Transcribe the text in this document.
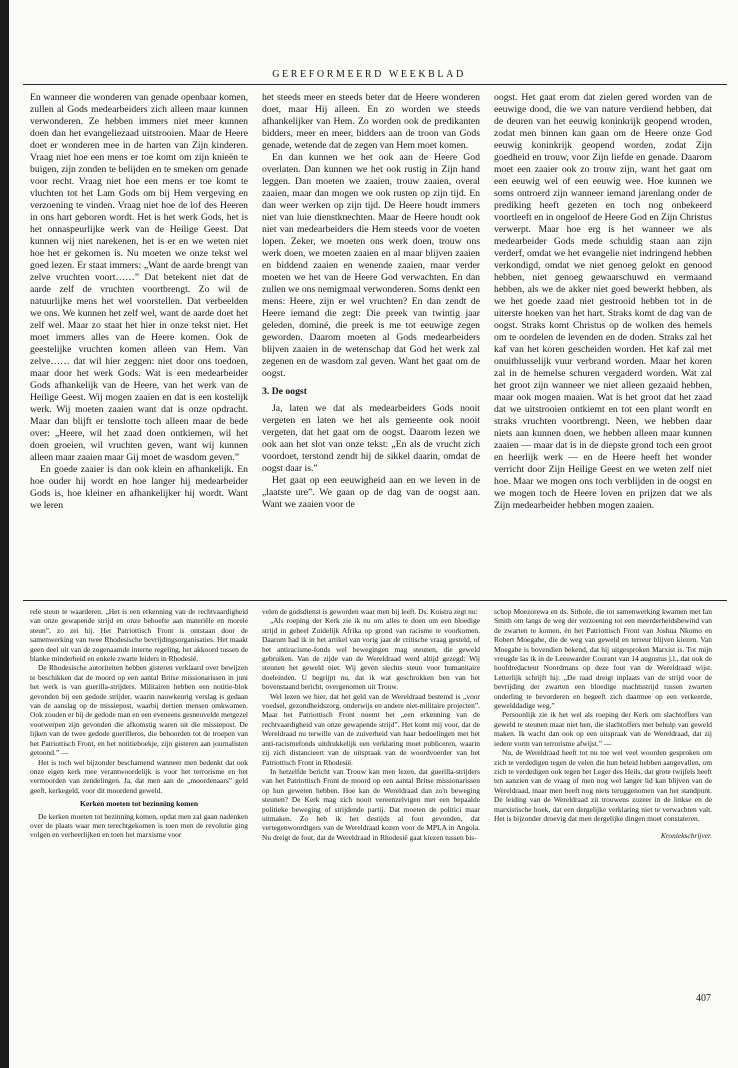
GEREFORMEERD WEEKBLAD

En wanneer die wonderen van genade openbaar komen, zullen al Gods medearbeiders zich alleen maar kunnen verwonderen. Ze hebben immers niet meer kunnen doen dan het evangeliezaad uitstrooien. Maar de Heere doet er wonderen mee in de harten van Zijn kinderen. Vraag niet hoe een mens er toe komt om zijn knieën te buigen, zijn zonden te belijden en te smeken om genade voor recht. Vraag niet hoe een mens er toe komt te vluchten tot het Lam Gods om bij Hem vergeving en verzoening te vinden. Vraag niet hoe de lof des Heeren in ons hart geboren wordt. Het is het werk Gods, het is het onnaspeurlijke werk van de Heilige Geest. Dat kunnen wij niet narekenen, het is er en we weten niet hoe het er gekomen is. Nu moeten we onze tekst wel goed lezen. Er staat immers: „Want de aarde brengt van zelve vruchten voort……” Dat betekent niet dat de aarde zelf de vruchten voortbrengt. Zo wil de natuurlijke mens het wel voorstellen. Dat verbeelden we ons. We kunnen het zelf wel, want de aarde doet het zelf wel. Maar zo staat het hier in onze tekst niet. Het moet immers alles van de Heere komen. Ook de geestelijke vruchten komen alleen van Hem. Van zelve…… dat wil hier zeggen: niet door ons toedoen, maar door het werk Gods. Wat is een medearbeider Gods afhankelijk van de Heere, van het werk van de Heilige Geest. Wij mogen zaaien en dat is een kostelijk werk. Wij moeten zaaien want dat is onze opdracht. Maar dan blijft er tenslotte toch alleen maar de bede over: „Heere, wil het zaad doen ontkiemen, wil het doen groeien, wil vruchten geven, want wij kunnen alleen maar zaaien maar Gij moet de wasdom geven.”

En goede zaaier is dan ook klein en afhankelijk. En hoe ouder hij wordt en hoe langer hij medearbeider Gods is, hoe kleiner en afhankelijker hij wordt. Want we leren

het steeds meer en steeds beter dat de Heere wonderen doet, maar Hij alleen. En zo worden we steeds afhankelijker van Hem. Zo worden ook de predikanten bidders, meer en meer, bidders aan de troon van Gods genade, wetende dat de zegen van Hem moet komen.

En dan kunnen we het ook aan de Heere God overlaten. Dan kunnen we het ook rustig in Zijn hand leggen. Dan moeten we zaaien, trouw zaaien, overal zaaien, maar dan mogen we ook rusten op zijn tijd. En dan weer werken op zijn tijd. De Heere houdt immers niet van luie dienstknechten. Maar de Heere houdt ook niet van medearbeiders die Hem steeds voor de voeten lopen. Zeker, we moeten ons werk doen, trouw ons werk doen, we moeten zaaien en al maar blijven zaaien en biddend zaaien en wenende zaaien, maar verder moeten we het van de Heere God verwachten. En dan zullen we ons nemigmaal verwonderen. Soms denkt een mens: Heere, zijn er wel vruchten? En dan zendt de Heere iemand die zegt: Die preek van twintig jaar geleden, dominé, die preek is me tot eeuwige zegen geworden. Daarom moeten al Gods medearbeiders blijven zaaien in de wetenschap dat God het werk zal zegenen en de wasdom zal geven. Want het gaat om de oogst.

3. De oogst

Ja, laten we dat als medearbeiders Gods nooit vergeten en laten we het als gemeente ook nooit vergeten, dat het gaat om de oogst. Daarom lezen we ook aan het slot van onze tekst: „En als de vrucht zich voordoet, terstond zendt hij de sikkel daarin, omdat de oogst daar is.”

Het gaat op een eeuwigheid aan en we leven in de „laatste ure”. We gaan op de dag van de oogst aan. Want we zaaien voor de

oogst. Het gaat erom dat zielen gered worden van de eeuwige dood, die we van nature verdiend hebben, dat de deuren van het eeuwig koninkrijk geopend wroden, zodat men binnen kan gaan om de Heere onze God eeuwig koninkrijk geopend worden, zodat Zijn goedheid en trouw, voor Zijn liefde en genade. Daarom moet een zaaier ook zo trouw zijn, want het gaat om een eeuwig wel of een eeuwig wee. Hoe kunnen we soms ontroerd zijn wanneer iemand jarenlang onder de prediking heeft gezeten en toch nog onbekeerd voortleeft en in ongeloof de Heere God en Zijn Christus verwerpt. Maar hoe erg is het wanneer we als medearbeider Gods mede schuldig staan aan zijn verderf, omdat we het evangelie niet indringend hebben verkondigd, omdat we niet genoeg gelokt en genood hebben, niet genoeg gewaarschuwd en vermaand hebben, als we de akker niet goed bewerkt hebben, als we het goede zaad niet gestrooid hebben tot in de uiterste hoeken van het hart. Straks komt de dag van de oogst. Straks komt Christus op de wolken des hemels om te oordelen de levenden en de doden. Straks zal het kaf van het koren gescheiden worden. Het kaf zal met onuitblusselijk vuur verbrand worden. Maar het koren zal in de hemelse schuren vergaderd worden. Wat zal het groot zijn wanneer we niet alleen gezaaid hebben, maar ook mogen maaien. Wat is het groot dat het zaad dat we uitstrooien ontkiemt en tot een plant wordt en straks vruchten voortbrengt. Neen, we hebben daar niets aan kunnen doen, we hebben alleen maar kunnen zaaien — maar dat is in de diepste grond toch een groot en heerlijk werk — en de Heere heeft het wonder verricht door Zijn Heilige Geest en we weten zelf niet hoe. Maar we mogen ons toch verblijden in de oogst en we mogen toch de Heere loven en prijzen dat we als Zijn medearbeider hebben mogen zaaien.

rele steun te waarderen. „Het is een erkenning van de rechtvaardigheid van onze gewapende strijd en onze behoefte aan materiële en morele steun”, zo zei hij. Het Patriottisch Front is ontstaan door de samenwerking van twee Rhodesische bevrijdingsorganisaties. Het maakt geen deel uit van de zogenaamde interne regeling, het akkoord tussen de blanke minderheid en enkele zwarte leiders in Rhodesië.

De Rhodesische autoriteiten hebben gisteren verklaard over bewijzen te beschikken dat de moord op een aantal Britse missionarissen in juni het werk is van guerilla-strijders. Militairen hebben een notitie-blok gevonden bij een gedode strijder, waarin nauwkeurig verslag is gedaan van de aanslag op de missiepost, waarbij dertien mensen omkwamen. Ook zouden er bij de gedode man en een eveneens gesneuvelde metgezel voorwerpen zijn gevonden die afkomstig waren uit die missiepost. De lijken van de twee gedode guerilleros, die behoorden tot de troepen van het Patriottisch Front, en het notitieboekje, zijn gisteren aan journalisten getoond.” —

Het is toch wel bijzonder beschamend wanneer men bedenkt dat ook onze eigen kerk mee verantwoordelijk is voor het terrorisme en het vermoorden van zendelingen. Ja, dat men aan de „moordenaars” geld geeft, kerkegeld, voor dit moordend geweld.

Kerken moeten tot bezinning komen

De kerken moeten tot bezinning komen, opdat men zal gaan nadenken over de plaats waar men terechtgekomen is toen men de revolutie ging volgen en verheerlijken en toen het marxisme voor

velen de godsdienst is geworden waar men bij leeft. Ds. Koistra zegt nu:

„Als roeping der Kerk zie ik nu om alles te doen om een bloedige strijd in geheel Zuidelijk Afrika op grond van racisme te voorkomen. Daarom had ik in het artikel van vorig jaar de critische vraag gesteld, of het antiracisme-fonds wel bewegingen mag steunen, die geweld gebruiken. Van de zijde van de Wereldraad werd altijd gezegd: Wij steunen het geweld niet. Wij geven slechts steun voor humanitaire doeleinden. U begrijpt nu, dat ik wat geschrokken ben van het bovenstaand bericht, overgenomen uit Trouw.

Wel lezen we hier, dat het geld van de Wereldraad bestemd is „voor voedsel, gezondheidszorg, onderwijs en andere niet-militaire projecten”. Maar het Patriottisch Front noemt het „een erkenning van de rechtvaardigheid van onze gewapende strijd”. Het komt mij voor, dat de Wereldraad nu terwille van de zuiverheid van haar bedoelingen met het anti-racismefonds uitdrukkelijk een verklaring moet publiceren, waarin zij zich distancieert van de uitspraak van de woordvoerder van het Patriottisch Front in Rhodesië.

In hetzelfde bericht van Trouw kan men lezen, dat guerilla-strijders van het Patriottisch Front de moord op een aantal Britse missionarissen op hun geweten hebben. Hoe kan de Wereldraad dan zo'n beweging steunen? De Kerk mag zich nooit vereenzelvigen met een bepaalde politieke beweging of strijdende partij. Dat moeten de politici maar uitmaken. Zo heb ik het destijds al fout gevonden, dat vertegenwoordigers van de Wereldraad kozen voor de MPLA in Angola. Nu dreigt de fout, dat de Wereldraad in Rhodesië gaat kiezen tussen bis-

schop Moezorewa en ds. Sithole, die tot samenwerking kwamen met Ian Smith om langs de weg der verzoening tot een meerderheidsbewind van de zwarten te komen, én het Patriottisch Front van Joshua Nkomo en Robert Moegabe, die de weg van geweld en terreur blijven kiezen. Van Moegabe is bovendien bekend, dat hij uitgesproken Marxist is. Tot mijn vreugde las ik in de Leeuwarder Courant van 14 augustus j.l., dat ook de hoofdredacteur Noordmans op deze fout van de Wereldraad wijst. Letterlijk schrijft hij: „De raad dreigt inplaats van de strijd voor de bevrijding der zwarten een bloedige machtsstrijd tussen zwarten onderling te bevorderen en begeeft zich daarmee op een verkeerde, gewelddadige weg.”

Persoonlijk zie ik het wel als roeping der Kerk om slachtoffers van geweld te steunen maar niet hen, die slachtoffers met behulp van geweld maken. Ik wacht dan ook op een uitspraak van de Wereldraad, dat zij iedere vorm van terrorisme afwijst.” —

Nu, de Wereldraad heeft tot nu toe wel veel woorden gesproken om zich te verdedigen tegen de velen die hun beleid hebben aangevallen, om zich te verdedigen ook tegen het Leger des Heils, dat grote twijfels heeft ten aanzien van de vraag of men nog wel langer lid kan blijven van de Wereldraad, maar men heeft nog niets teruggenomen van het standpunt. De leiding van de Wereldraad zit trouwens zozeer in de linkse en de marxistische hoek, dat een dergelijke verklaring niet te verwachten valt. Het is bijzonder droevig dat men dergelijke dingen moet constateren.

Kroniekschrijver.
407
